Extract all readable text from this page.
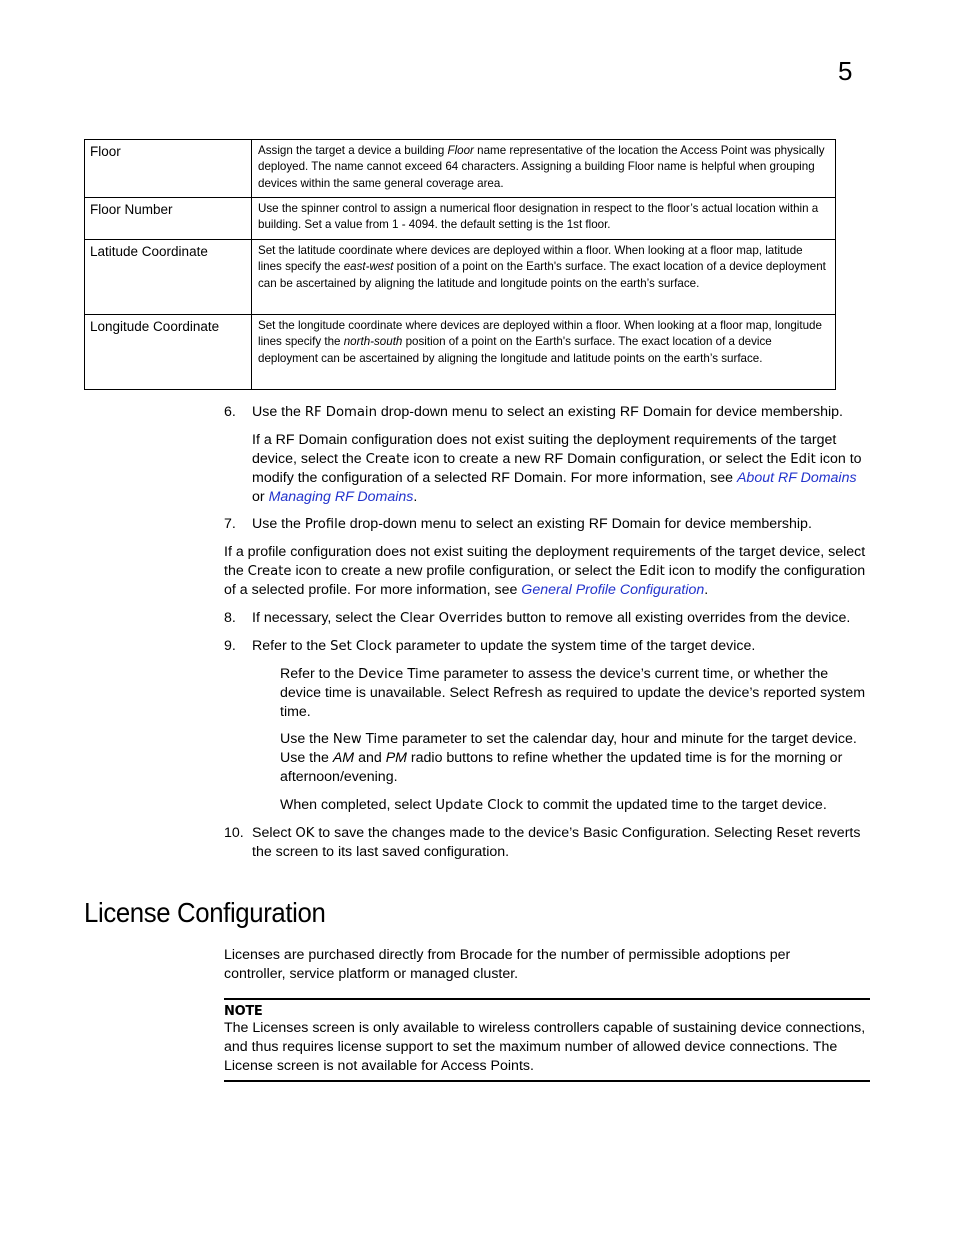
5
Floor	Assign the target a device a building Floor name representative of the location the Access Point was physically deployed. The name cannot exceed 64 characters. Assigning a building Floor name is helpful when grouping devices within the same general coverage area.
Floor Number	Use the spinner control to assign a numerical floor designation in respect to the floor’s actual location within a building. Set a value from 1 - 4094. the default setting is the 1st floor.
Latitude Coordinate	Set the latitude coordinate where devices are deployed within a floor. When looking at a floor map, latitude lines specify the east-west position of a point on the Earth's surface. The exact location of a device deployment can be ascertained by aligning the latitude and longitude points on the earth’s surface.
Longitude Coordinate	Set the longitude coordinate where devices are deployed within a floor. When looking at a floor map, longitude lines specify the north-south position of a point on the Earth's surface. The exact location of a device deployment can be ascertained by aligning the longitude and latitude points on the earth’s surface.
6. Use the RF Domain drop-down menu to select an existing RF Domain for device membership.

If a RF Domain configuration does not exist suiting the deployment requirements of the target device, select the Create icon to create a new RF Domain configuration, or select the Edit icon to modify the configuration of a selected RF Domain. For more information, see About RF Domains or Managing RF Domains.

7. Use the Profile drop-down menu to select an existing RF Domain for device membership.

If a profile configuration does not exist suiting the deployment requirements of the target device, select the Create icon to create a new profile configuration, or select the Edit icon to modify the configuration of a selected profile. For more information, see General Profile Configuration.

8. If necessary, select the Clear Overrides button to remove all existing overrides from the device.
9. Refer to the Set Clock parameter to update the system time of the target device.

Refer to the Device Time parameter to assess the device’s current time, or whether the device time is unavailable. Select Refresh as required to update the device’s reported system time.

Use the New Time parameter to set the calendar day, hour and minute for the target device. Use the AM and PM radio buttons to refine whether the updated time is for the morning or afternoon/evening.

When completed, select Update Clock to commit the updated time to the target device.

10. Select OK to save the changes made to the device’s Basic Configuration. Selecting Reset reverts the screen to its last saved configuration.
License Configuration

Licenses are purchased directly from Brocade for the number of permissible adoptions per controller, service platform or managed cluster.

NOTE
The Licenses screen is only available to wireless controllers capable of sustaining device connections, and thus requires license support to set the maximum number of allowed device connections. The License screen is not available for Access Points.
